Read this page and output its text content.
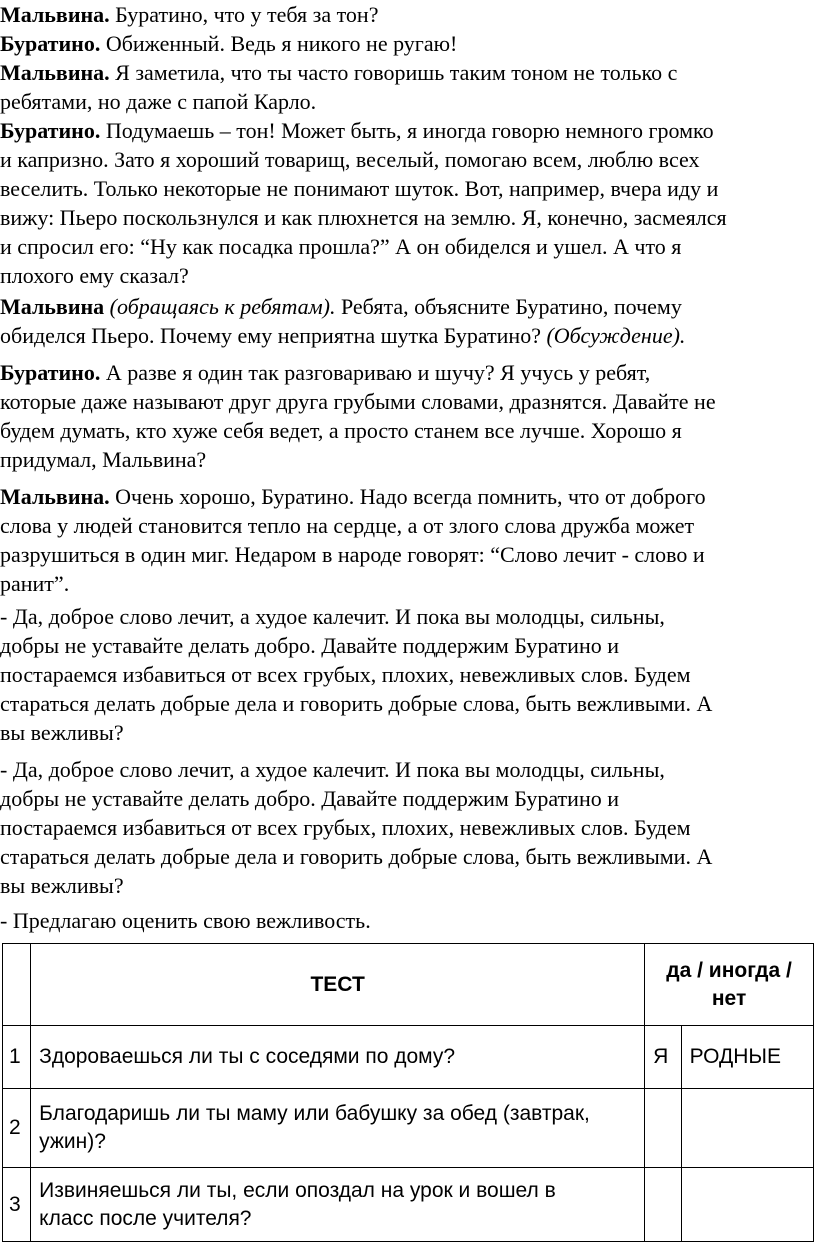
Мальвина. Буратино, что у тебя за тон?

Буратино. Обиженный. Ведь я никого не ругаю!

Мальвина. Я заметила, что ты часто говоришь таким тоном не только с

ребятами, но даже с папой Карло.

Буратино. Подумаешь – тон! Может быть, я иногда говорю немного громко

и капризно. Зато я хороший товарищ, веселый, помогаю всем, люблю всех

веселить. Только некоторые не понимают шуток. Вот, например, вчера иду и

вижу: Пьеро поскользнулся и как плюхнется на землю. Я, конечно, засмеялся

и спросил его: “Ну как посадка прошла?” А он обиделся и ушел. А что я

плохого ему сказал?

Мальвина (обращаясь к ребятам). Ребята, объясните Буратино, почему

обиделся Пьеро. Почему ему неприятна шутка Буратино? (Обсуждение).

Буратино. А разве я один так разговариваю и шучу? Я учусь у ребят,

которые даже называют друг друга грубыми словами, дразнятся. Давайте не

будем думать, кто хуже себя ведет, а просто станем все лучше. Хорошо я

придумал, Мальвина?

Мальвина. Очень хорошо, Буратино. Надо всегда помнить, что от доброго

слова у людей становится тепло на сердце, а от злого слова дружба может

разрушиться в один миг. Недаром в народе говорят: “Слово лечит - слово и

ранит”.

- Да, доброе слово лечит, а худое калечит. И пока вы молодцы, сильны,

добры не уставайте делать добро. Давайте поддержим Буратино и

постараемся избавиться от всех грубых, плохих, невежливых слов. Будем

стараться делать добрые дела и говорить добрые слова, быть вежливыми. А

вы вежливы?

- Да, доброе слово лечит, а худое калечит. И пока вы молодцы, сильны,

добры не уставайте делать добро. Давайте поддержим Буратино и

постараемся избавиться от всех грубых, плохих, невежливых слов. Будем

стараться делать добрые дела и говорить добрые слова, быть вежливыми. А

вы вежливы?

- Предлагаю оценить свою вежливость.

	ТЕСТ	да / иногда /
нет	

1	Здороваешься ли ты с соседями по дому?	Я	РОДНЫЕ
2	Благодаришь ли ты маму или бабушку за обед (завтрак,
ужин)?		

3	Извиняешься ли ты, если опоздал на урок и вошел в
класс после учителя?		
